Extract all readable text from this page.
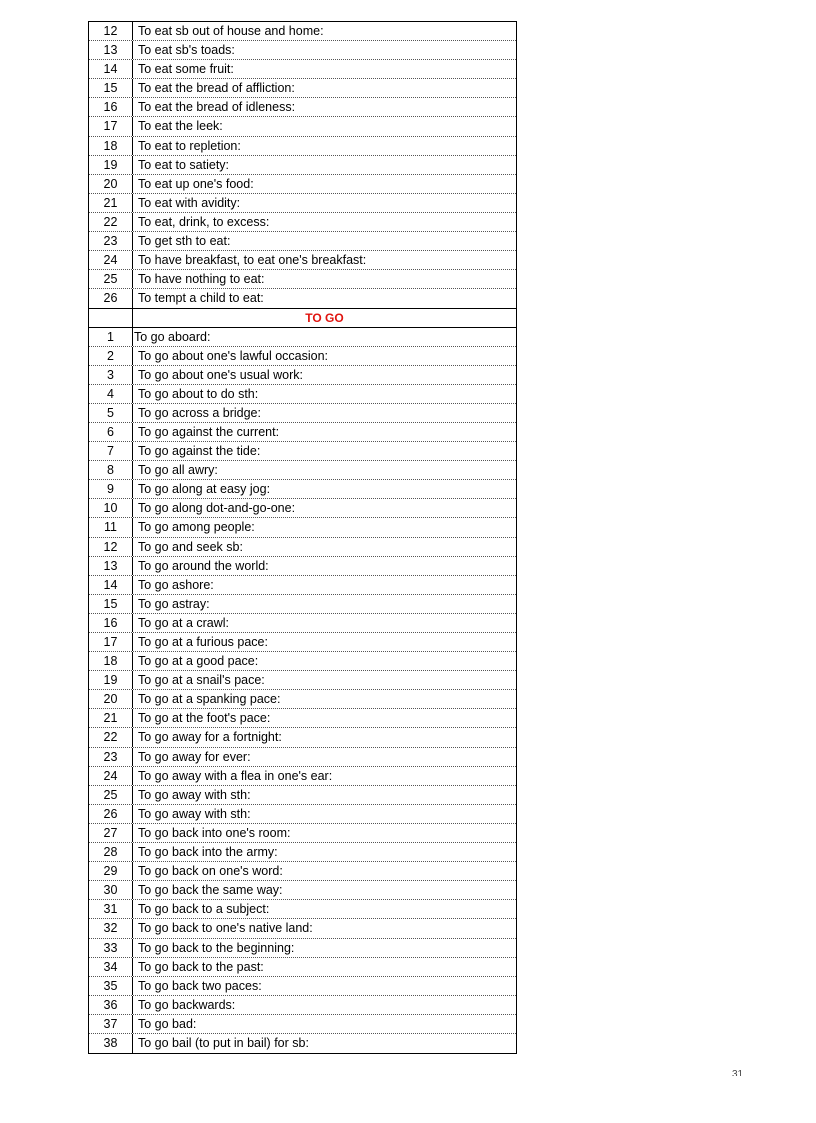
12	To eat sb out of house and home:
13	To eat sb's toads:
14	To eat some fruit:
15	To eat the bread of affliction:
16	To eat the bread of idleness:
17	To eat the leek:
18	To eat to repletion:
19	To eat to satiety:
20	To eat up one's food:
21	To eat with avidity:
22	To eat, drink, to excess:
23	To get sth to eat:
24	To have breakfast, to eat one's breakfast:
25	To have nothing to eat:
26	To tempt a child to eat:
TO GO
1	To go aboard:
2	To go about one's lawful occasion:
3	To go about one's usual work:
4	To go about to do sth:
5	To go across a bridge:
6	To go against the current:
7	To go against the tide:
8	To go all awry:
9	To go along at easy jog:
10	To go along dot-and-go-one:
11	To go among people:
12	To go and seek sb:
13	To go around the world:
14	To go ashore:
15	To go astray:
16	To go at a crawl:
17	To go at a furious pace:
18	To go at a good pace:
19	To go at a snail's pace:
20	To go at a spanking pace:
21	To go at the foot's pace:
22	To go away for a fortnight:
23	To go away for ever:
24	To go away with a flea in one's ear:
25	To go away with sth:
26	To go away with sth:
27	To go back into one's room:
28	To go back into the army:
29	To go back on one's word:
30	To go back the same way:
31	To go back to a subject:
32	To go back to one's native land:
33	To go back to the beginning:
34	To go back to the past:
35	To go back two paces:
36	To go backwards:
37	To go bad:
38	To go bail (to put in bail) for sb:
31
